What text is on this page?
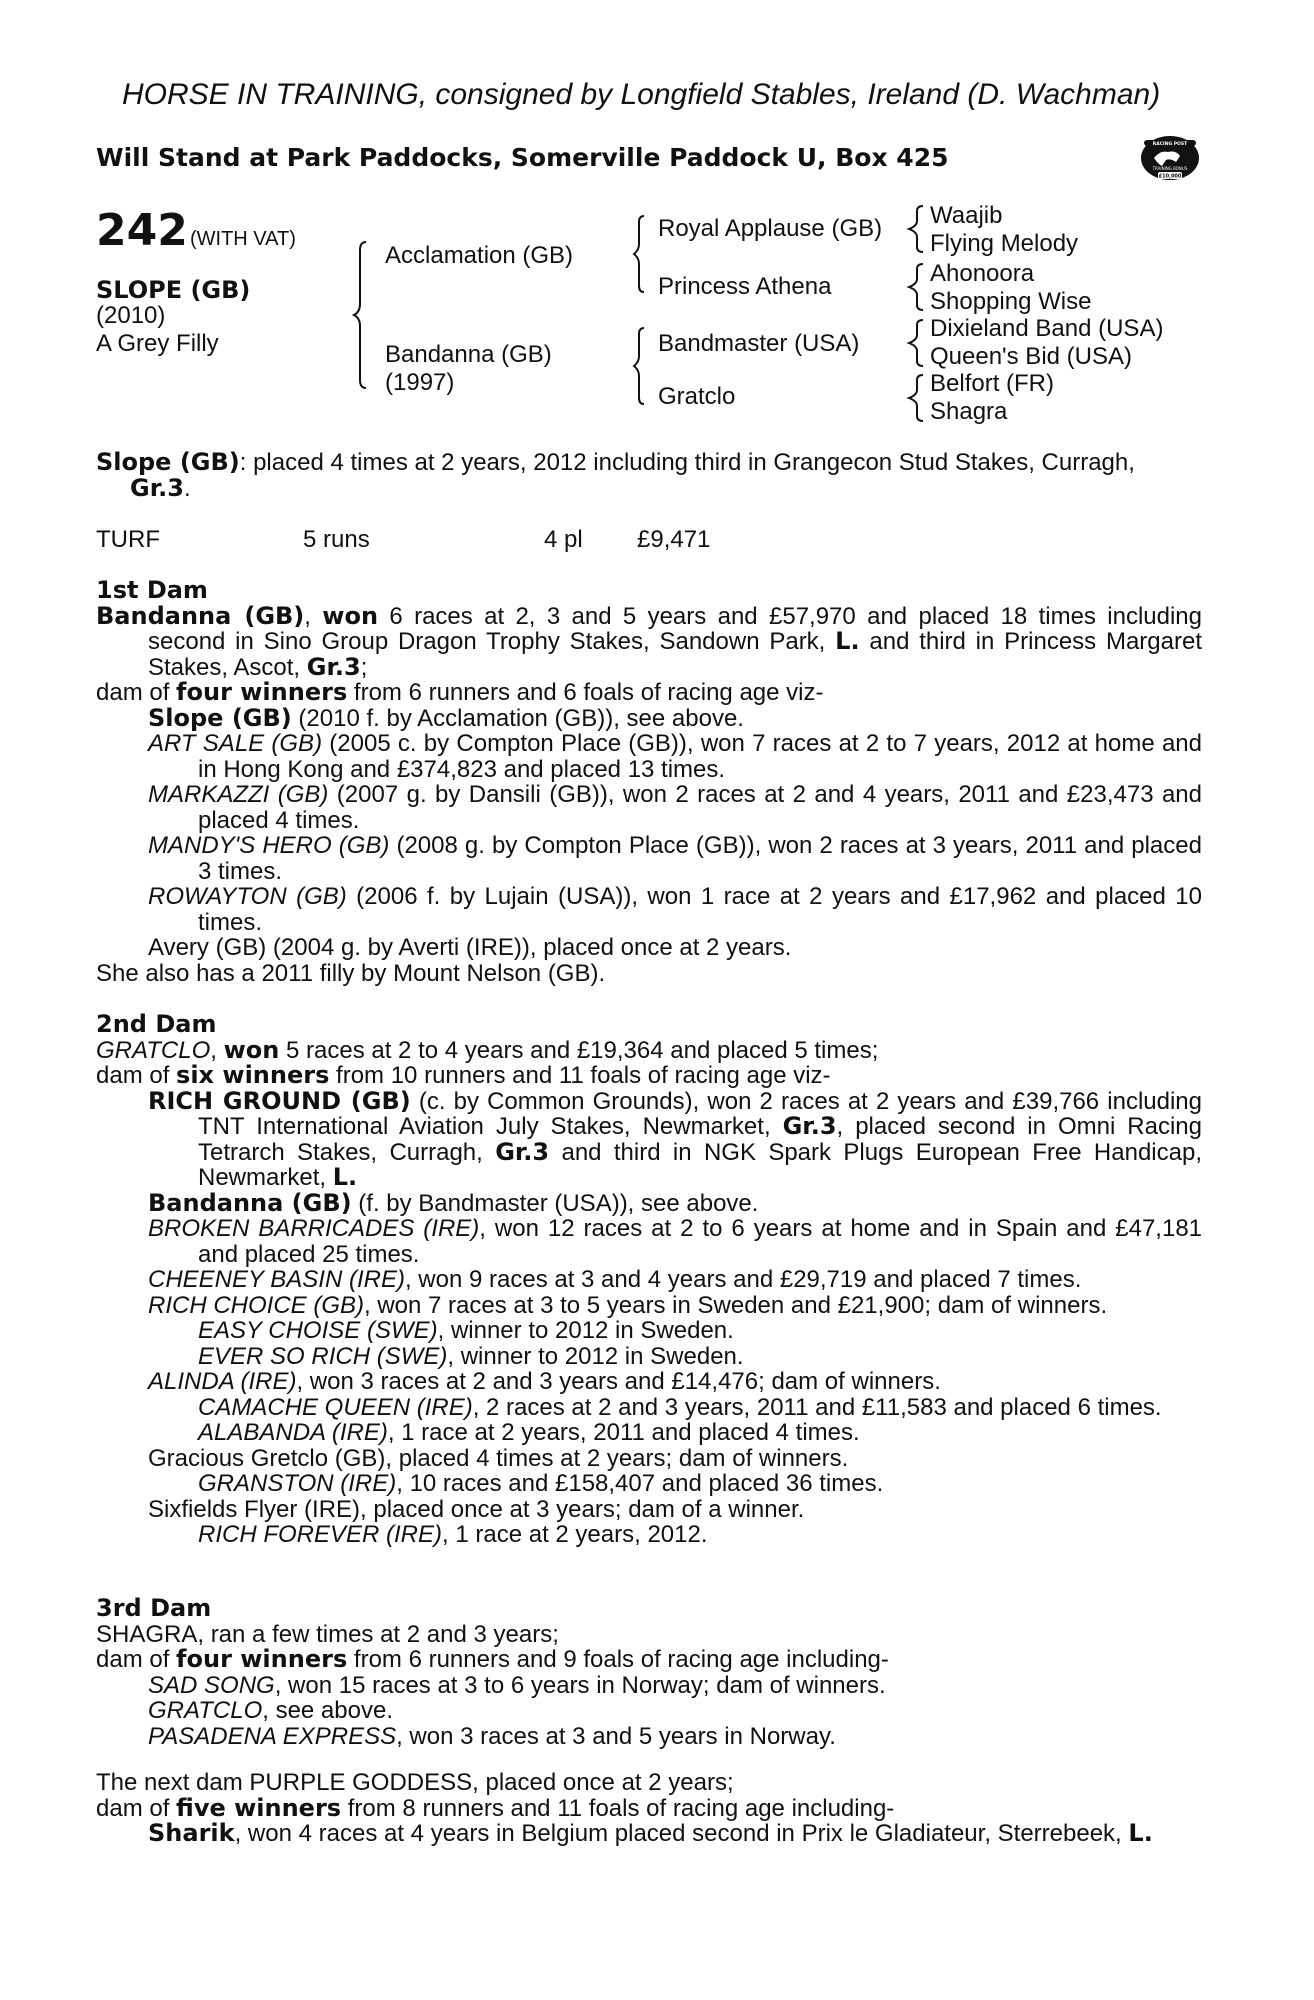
HORSE IN TRAINING, consigned by Longfield Stables, Ireland (D. Wachman)
Will Stand at Park Paddocks, Somerville Paddock U, Box 425	RACING POST
TRAINING BONUS
£10,000
242 (WITH VAT)
SLOPE (GB)
(2010)
A Grey Filly
Acclamation (GB)
Bandanna (GB)
(1997)
Royal Applause (GB)
Princess Athena
Bandmaster (USA)
Gratclo
Waajib
Flying Melody
Ahonoora
Shopping Wise
Dixieland Band (USA)
Queen's Bid (USA)
Belfort (FR)
Shagra

Slope (GB): placed 4 times at 2 years, 2012 including third in Grangecon Stud Stakes, Curragh,
Gr.3.

TURF	5 runs	4 pl £9,471

1st Dam

Bandanna (GB), won 6 races at 2, 3 and 5 years and £57,970 and placed 18 times including second in Sino Group Dragon Trophy Stakes, Sandown Park, L. and third in Princess Margaret Stakes, Ascot, Gr.3;

dam of four winners from 6 runners and 6 foals of racing age viz-

Slope (GB) (2010 f. by Acclamation (GB)), see above.

ART SALE (GB) (2005 c. by Compton Place (GB)), won 7 races at 2 to 7 years, 2012 at home and in Hong Kong and £374,823 and placed 13 times.

MARKAZZI (GB) (2007 g. by Dansili (GB)), won 2 races at 2 and 4 years, 2011 and £23,473 and placed 4 times.

MANDY'S HERO (GB) (2008 g. by Compton Place (GB)), won 2 races at 3 years, 2011 and placed 3 times.

ROWAYTON (GB) (2006 f. by Lujain (USA)), won 1 race at 2 years and £17,962 and placed 10 times.

Avery (GB) (2004 g. by Averti (IRE)), placed once at 2 years.

She also has a 2011 filly by Mount Nelson (GB).

2nd Dam

GRATCLO, won 5 races at 2 to 4 years and £19,364 and placed 5 times;

dam of six winners from 10 runners and 11 foals of racing age viz-

RICH GROUND (GB) (c. by Common Grounds), won 2 races at 2 years and £39,766 including TNT International Aviation July Stakes, Newmarket, Gr.3, placed second in Omni Racing Tetrarch Stakes, Curragh, Gr.3 and third in NGK Spark Plugs European Free Handicap, Newmarket, L.

Bandanna (GB) (f. by Bandmaster (USA)), see above.

BROKEN BARRICADES (IRE), won 12 races at 2 to 6 years at home and in Spain and £47,181 and placed 25 times.

CHEENEY BASIN (IRE), won 9 races at 3 and 4 years and £29,719 and placed 7 times.

RICH CHOICE (GB), won 7 races at 3 to 5 years in Sweden and £21,900; dam of winners.

EASY CHOISE (SWE), winner to 2012 in Sweden.

EVER SO RICH (SWE), winner to 2012 in Sweden.

ALINDA (IRE), won 3 races at 2 and 3 years and £14,476; dam of winners.

CAMACHE QUEEN (IRE), 2 races at 2 and 3 years, 2011 and £11,583 and placed 6 times.

ALABANDA (IRE), 1 race at 2 years, 2011 and placed 4 times.

Gracious Gretclo (GB), placed 4 times at 2 years; dam of winners.

GRANSTON (IRE), 10 races and £158,407 and placed 36 times.

Sixfields Flyer (IRE), placed once at 3 years; dam of a winner.

RICH FOREVER (IRE), 1 race at 2 years, 2012.

3rd Dam

SHAGRA, ran a few times at 2 and 3 years;

dam of four winners from 6 runners and 9 foals of racing age including-

SAD SONG, won 15 races at 3 to 6 years in Norway; dam of winners.

GRATCLO, see above.

PASADENA EXPRESS, won 3 races at 3 and 5 years in Norway.

The next dam PURPLE GODDESS, placed once at 2 years;

dam of five winners from 8 runners and 11 foals of racing age including-

Sharik, won 4 races at 4 years in Belgium placed second in Prix le Gladiateur, Sterrebeek, L.
